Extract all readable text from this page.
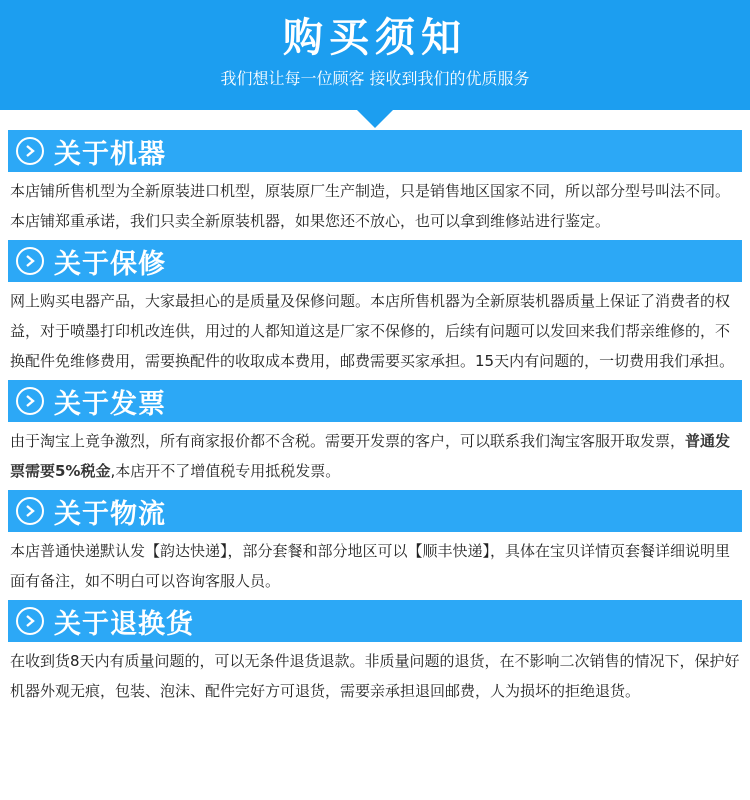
购买须知
我们想让每一位顾客 接收到我们的优质服务
关于机器
本店铺所售机型为全新原装进口机型，原装原厂生产制造，只是销售地区国家不同，所以部分型号叫法不同。本店铺郑重承诺，我们只卖全新原装机器，如果您还不放心，也可以拿到维修站进行鉴定。
关于保修
网上购买电器产品，大家最担心的是质量及保修问题。本店所售机器为全新原装机器质量上保证了消费者的权益，对于喷墨打印机改连供，用过的人都知道这是厂家不保修的，后续有问题可以发回来我们帮亲维修的，不换配件免维修费用，需要换配件的收取成本费用，邮费需要买家承担。15天内有问题的，一切费用我们承担。
关于发票
由于淘宝上竟争激烈，所有商家报价都不含税。需要开发票的客户，可以联系我们淘宝客服开取发票，普通发票需要5%税金,本店开不了增值税专用抵税发票。
关于物流
本店普通快递默认发【韵达快递】，部分套餐和部分地区可以【顺丰快递】，具体在宝贝详情页套餐详细说明里面有备注，如不明白可以咨询客服人员。
关于退换货
在收到货8天内有质量问题的，可以无条件退货退款。非质量问题的退货，在不影响二次销售的情况下，保护好机器外观无痕，包装、泡沫、配件完好方可退货，需要亲承担退回邮费，人为损坏的拒绝退货。
